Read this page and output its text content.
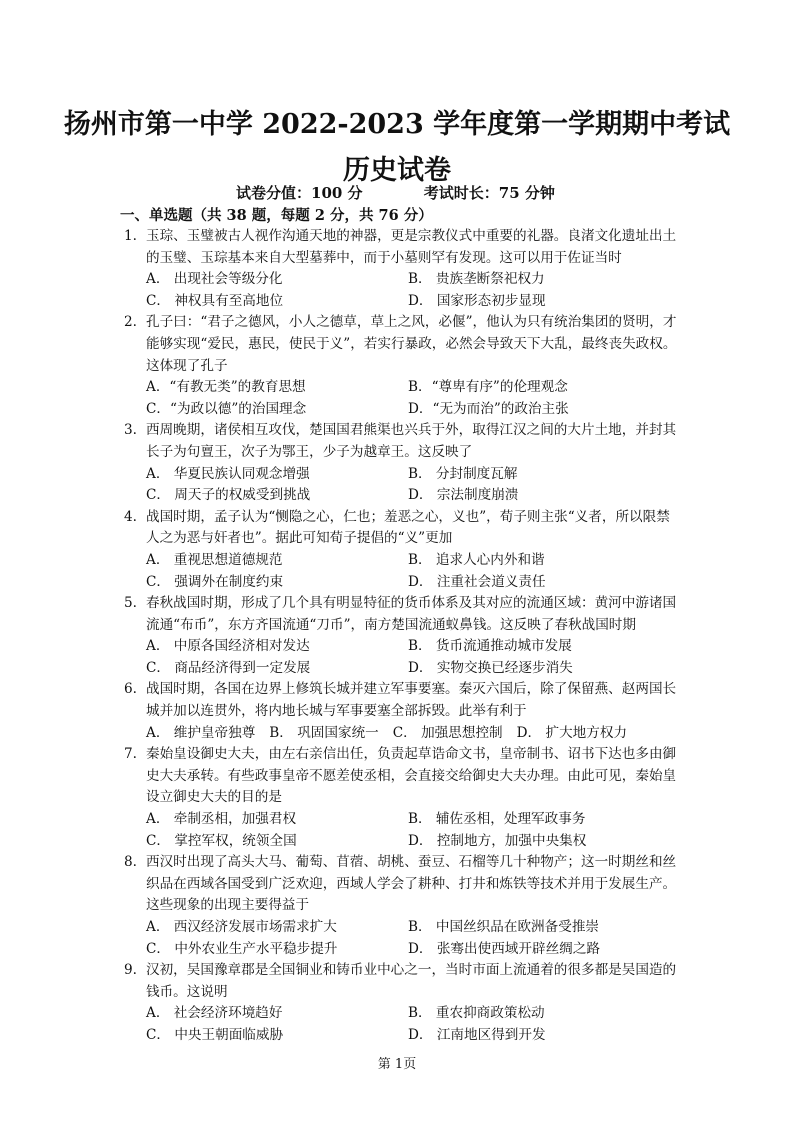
扬州市第一中学 2022-2023 学年度第一学期期中考试
历史试卷
试卷分值：100 分	考试时长：75 分钟
一、单选题（共 38 题，每题 2 分，共 76 分）

1. 玉琮、玉璧被古人视作沟通天地的神器，更是宗教仪式中重要的礼器。良渚文化遗址出土的玉璧、玉琮基本来自大型墓葬中，而于小墓则罕有发现。这可以用于佐证当时

A． 出现社会等级分化	B． 贵族垄断祭祀权力
C． 神权具有至高地位	D． 国家形态初步显现

2. 孔子曰：“君子之德风，小人之德草，草上之风，必偃”，他认为只有统治集团的贤明，才能够实现“爱民，惠民，使民于义”，若实行暴政，必然会导致天下大乱，最终丧失政权。这体现了孔子

A．“有教无类”的教育思想	B．“尊卑有序”的伦理观念
C．“为政以德”的治国理念	D．“无为而治”的政治主张

3. 西周晚期，诸侯相互攻伐，楚国国君熊渠也兴兵于外，取得江汉之间的大片土地，并封其长子为句亶王，次子为鄂王，少子为越章王。这反映了

A． 华夏民族认同观念增强	B． 分封制度瓦解
C． 周天子的权威受到挑战	D． 宗法制度崩溃

4. 战国时期，孟子认为“恻隐之心，仁也；羞恶之心，义也”，荀子则主张“义者，所以限禁人之为恶与奸者也”。据此可知荀子提倡的“义”更加

A． 重视思想道德规范	B． 追求人心内外和谐
C． 强调外在制度约束	D． 注重社会道义责任

5. 春秋战国时期，形成了几个具有明显特征的货币体系及其对应的流通区域：黄河中游诸国流通“布币”，东方齐国流通“刀币”，南方楚国流通蚁鼻钱。这反映了春秋战国时期

A． 中原各国经济相对发达	B． 货币流通推动城市发展
C． 商品经济得到一定发展	D． 实物交换已经逐步消失

6. 战国时期，各国在边界上修筑长城并建立军事要塞。秦灭六国后，除了保留燕、赵两国长城并加以连贯外，将内地长城与军事要塞全部拆毁。此举有利于

A． 维护皇帝独尊 B． 巩固国家统一 C． 加强思想控制 D． 扩大地方权力

7. 秦始皇设御史大夫，由左右亲信出任，负责起草诰命文书，皇帝制书、诏书下达也多由御史大夫承转。有些政事皇帝不愿差使丞相，会直接交给御史大夫办理。由此可见，秦始皇设立御史大夫的目的是

A． 牵制丞相，加强君权	B． 辅佐丞相，处理军政事务
C． 掌控军权，统领全国	D． 控制地方，加强中央集权

8. 西汉时出现了高头大马、葡萄、苜蓿、胡桃、蚕豆、石榴等几十种物产；这一时期丝和丝织品在西域各国受到广泛欢迎，西域人学会了耕种、打井和炼铁等技术并用于发展生产。这些现象的出现主要得益于

A． 西汉经济发展市场需求扩大	B． 中国丝织品在欧洲备受推崇
C． 中外农业生产水平稳步提升	D． 张骞出使西域开辟丝绸之路

9. 汉初，吴国豫章郡是全国铜业和铸币业中心之一，当时市面上流通着的很多都是吴国造的钱币。这说明

A． 社会经济环境趋好	B． 重农抑商政策松动
C． 中央王朝面临威胁	D． 江南地区得到开发
第 1页
